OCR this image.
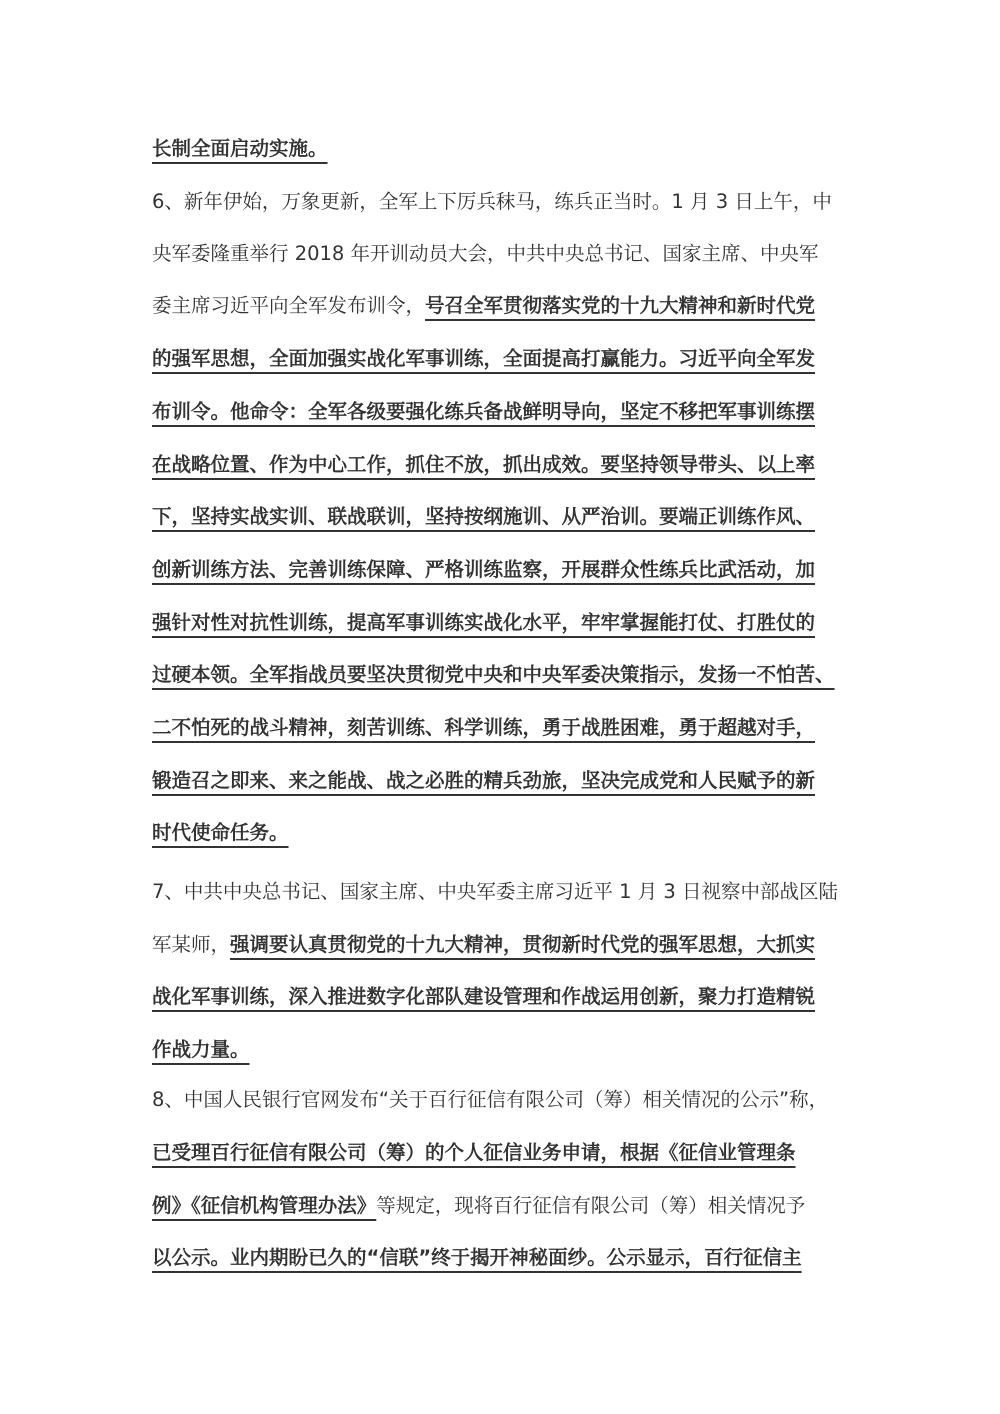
长制全面启动实施。
6、新年伊始，万象更新，全军上下厉兵秣马，练兵正当时。1 月 3 日上午，中
央军委隆重举行 2018 年开训动员大会，中共中央总书记、国家主席、中央军
委主席习近平向全军发布训令，号召全军贯彻落实党的十九大精神和新时代党
的强军思想，全面加强实战化军事训练，全面提高打赢能力。习近平向全军发
布训令。他命令：全军各级要强化练兵备战鲜明导向，坚定不移把军事训练摆
在战略位置、作为中心工作，抓住不放，抓出成效。要坚持领导带头、以上率
下，坚持实战实训、联战联训，坚持按纲施训、从严治训。要端正训练作风、
创新训练方法、完善训练保障、严格训练监察，开展群众性练兵比武活动，加
强针对性对抗性训练，提高军事训练实战化水平，牢牢掌握能打仗、打胜仗的
过硬本领。全军指战员要坚决贯彻党中央和中央军委决策指示，发扬一不怕苦、
二不怕死的战斗精神，刻苦训练、科学训练，勇于战胜困难，勇于超越对手，
锻造召之即来、来之能战、战之必胜的精兵劲旅，坚决完成党和人民赋予的新
时代使命任务。
7、中共中央总书记、国家主席、中央军委主席习近平 1 月 3 日视察中部战区陆
军某师，强调要认真贯彻党的十九大精神，贯彻新时代党的强军思想，大抓实
战化军事训练，深入推进数字化部队建设管理和作战运用创新，聚力打造精锐
作战力量。
8、中国人民银行官网发布“关于百行征信有限公司（筹）相关情况的公示”称，
已受理百行征信有限公司（筹）的个人征信业务申请，根据《征信业管理条
例》《征信机构管理办法》等规定，现将百行征信有限公司（筹）相关情况予
以公示。业内期盼已久的“信联”终于揭开神秘面纱。公示显示，百行征信主
